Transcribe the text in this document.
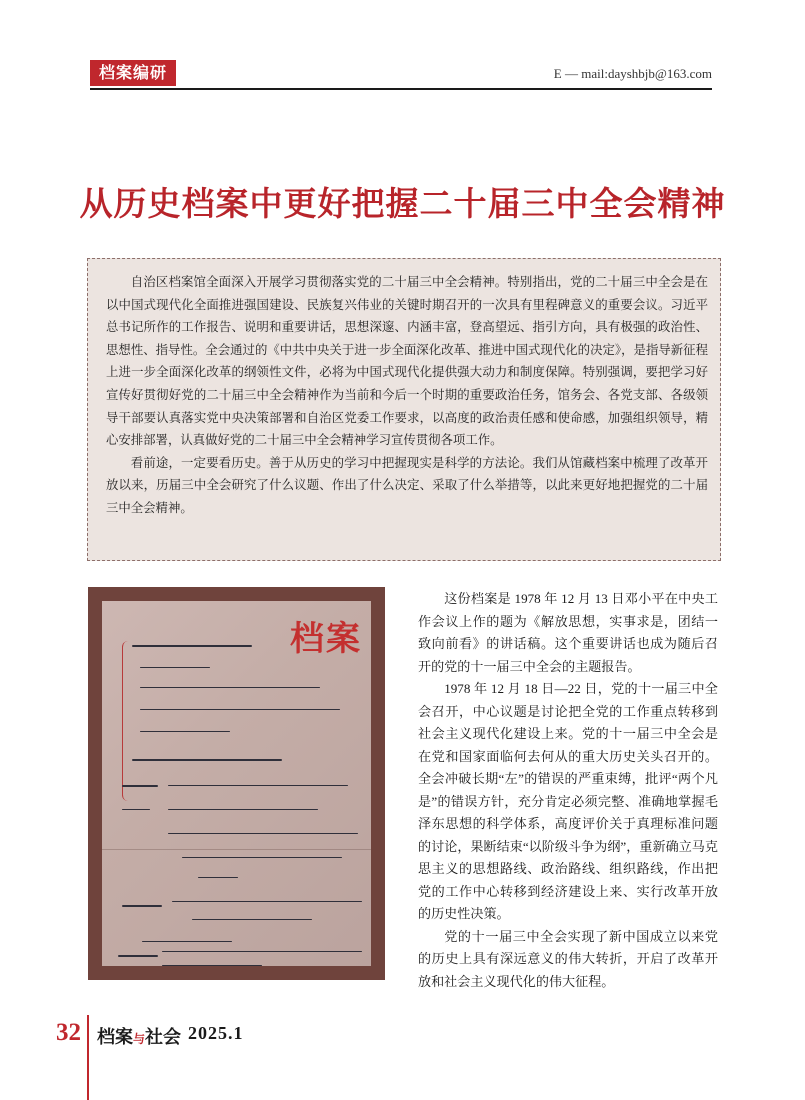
档案编研	E — mail:dayshbjb@163.com
从历史档案中更好把握二十届三中全会精神

自治区档案馆全面深入开展学习贯彻落实党的二十届三中全会精神。特别指出，党的二十届三中全会是在以中国式现代化全面推进强国建设、民族复兴伟业的关键时期召开的一次具有里程碑意义的重要会议。习近平总书记所作的工作报告、说明和重要讲话，思想深邃、内涵丰富，登高望远、指引方向，具有极强的政治性、思想性、指导性。全会通过的《中共中央关于进一步全面深化改革、推进中国式现代化的决定》，是指导新征程上进一步全面深化改革的纲领性文件，必将为中国式现代化提供强大动力和制度保障。特别强调，要把学习好宣传好贯彻好党的二十届三中全会精神作为当前和今后一个时期的重要政治任务，馆务会、各党支部、各级领导干部要认真落实党中央决策部署和自治区党委工作要求，以高度的政治责任感和使命感，加强组织领导，精心安排部署，认真做好党的二十届三中全会精神学习宣传贯彻各项工作。

看前途，一定要看历史。善于从历史的学习中把握现实是科学的方法论。我们从馆藏档案中梳理了改革开放以来，历届三中全会研究了什么议题、作出了什么决定、采取了什么举措等，以此来更好地把握党的二十届三中全会精神。

档案

这份档案是 1978 年 12 月 13 日邓小平在中央工作会议上作的题为《解放思想，实事求是，团结一致向前看》的讲话稿。这个重要讲话也成为随后召开的党的十一届三中全会的主题报告。

1978 年 12 月 18 日—22 日，党的十一届三中全会召开，中心议题是讨论把全党的工作重点转移到社会主义现代化建设上来。党的十一届三中全会是在党和国家面临何去何从的重大历史关头召开的。全会冲破长期“左”的错误的严重束缚，批评“两个凡是”的错误方针，充分肯定必须完整、准确地掌握毛泽东思想的科学体系，高度评价关于真理标准问题的讨论，果断结束“以阶级斗争为纲”，重新确立马克思主义的思想路线、政治路线、组织路线，作出把党的工作中心转移到经济建设上来、实行改革开放的历史性决策。

党的十一届三中全会实现了新中国成立以来党的历史上具有深远意义的伟大转折，开启了改革开放和社会主义现代化的伟大征程。

32 档案与社会 2025.1
